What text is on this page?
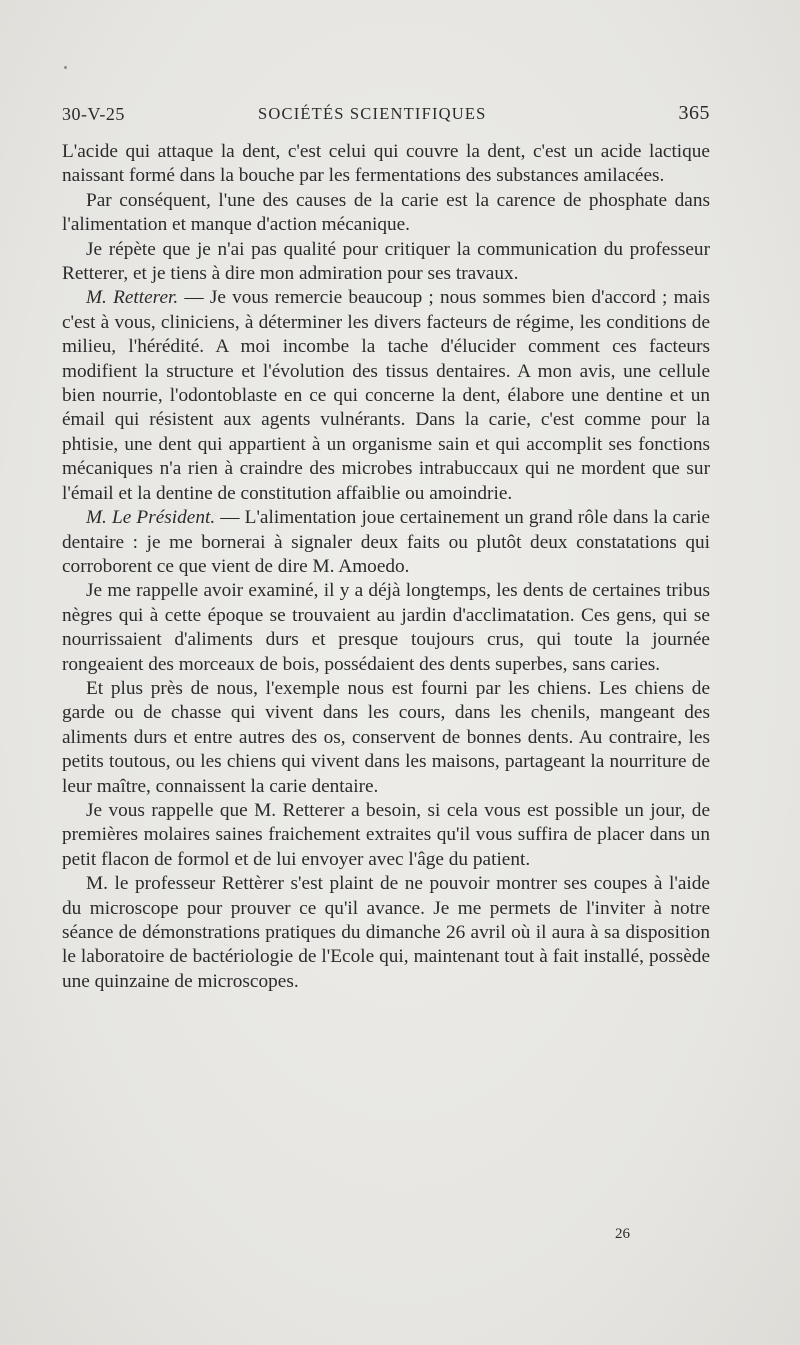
30-V-25	SOCIÉTÉS SCIENTIFIQUES	365

L'acide qui attaque la dent, c'est celui qui couvre la dent, c'est un acide lactique naissant formé dans la bouche par les fermentations des substances amilacées.

Par conséquent, l'une des causes de la carie est la carence de phosphate dans l'alimentation et manque d'action mécanique.

Je répète que je n'ai pas qualité pour critiquer la communication du professeur Retterer, et je tiens à dire mon admiration pour ses travaux.

M. Retterer. — Je vous remercie beaucoup ; nous sommes bien d'accord ; mais c'est à vous, cliniciens, à déterminer les divers facteurs de régime, les conditions de milieu, l'hérédité. A moi incombe la tache d'élucider comment ces facteurs modifient la structure et l'évolution des tissus dentaires. A mon avis, une cellule bien nourrie, l'odontoblaste en ce qui concerne la dent, élabore une dentine et un émail qui résistent aux agents vulnérants. Dans la carie, c'est comme pour la phtisie, une dent qui appartient à un organisme sain et qui accomplit ses fonctions mécaniques n'a rien à craindre des microbes intrabuccaux qui ne mordent que sur l'émail et la dentine de constitution affaiblie ou amoindrie.

M. Le Président. — L'alimentation joue certainement un grand rôle dans la carie dentaire : je me bornerai à signaler deux faits ou plutôt deux constatations qui corroborent ce que vient de dire M. Amoedo.

Je me rappelle avoir examiné, il y a déjà longtemps, les dents de certaines tribus nègres qui à cette époque se trouvaient au jardin d'acclimatation. Ces gens, qui se nourrissaient d'aliments durs et presque toujours crus, qui toute la journée rongeaient des morceaux de bois, possédaient des dents superbes, sans caries.

Et plus près de nous, l'exemple nous est fourni par les chiens. Les chiens de garde ou de chasse qui vivent dans les cours, dans les chenils, mangeant des aliments durs et entre autres des os, conservent de bonnes dents. Au contraire, les petits toutous, ou les chiens qui vivent dans les maisons, partageant la nourriture de leur maître, connaissent la carie dentaire.

Je vous rappelle que M. Retterer a besoin, si cela vous est possible un jour, de premières molaires saines fraichement extraites qu'il vous suffira de placer dans un petit flacon de formol et de lui envoyer avec l'âge du patient.

M. le professeur Rettèrer s'est plaint de ne pouvoir montrer ses coupes à l'aide du microscope pour prouver ce qu'il avance. Je me permets de l'inviter à notre séance de démonstrations pratiques du dimanche 26 avril où il aura à sa disposition le laboratoire de bactériologie de l'Ecole qui, maintenant tout à fait installé, possède une quinzaine de microscopes.

26
